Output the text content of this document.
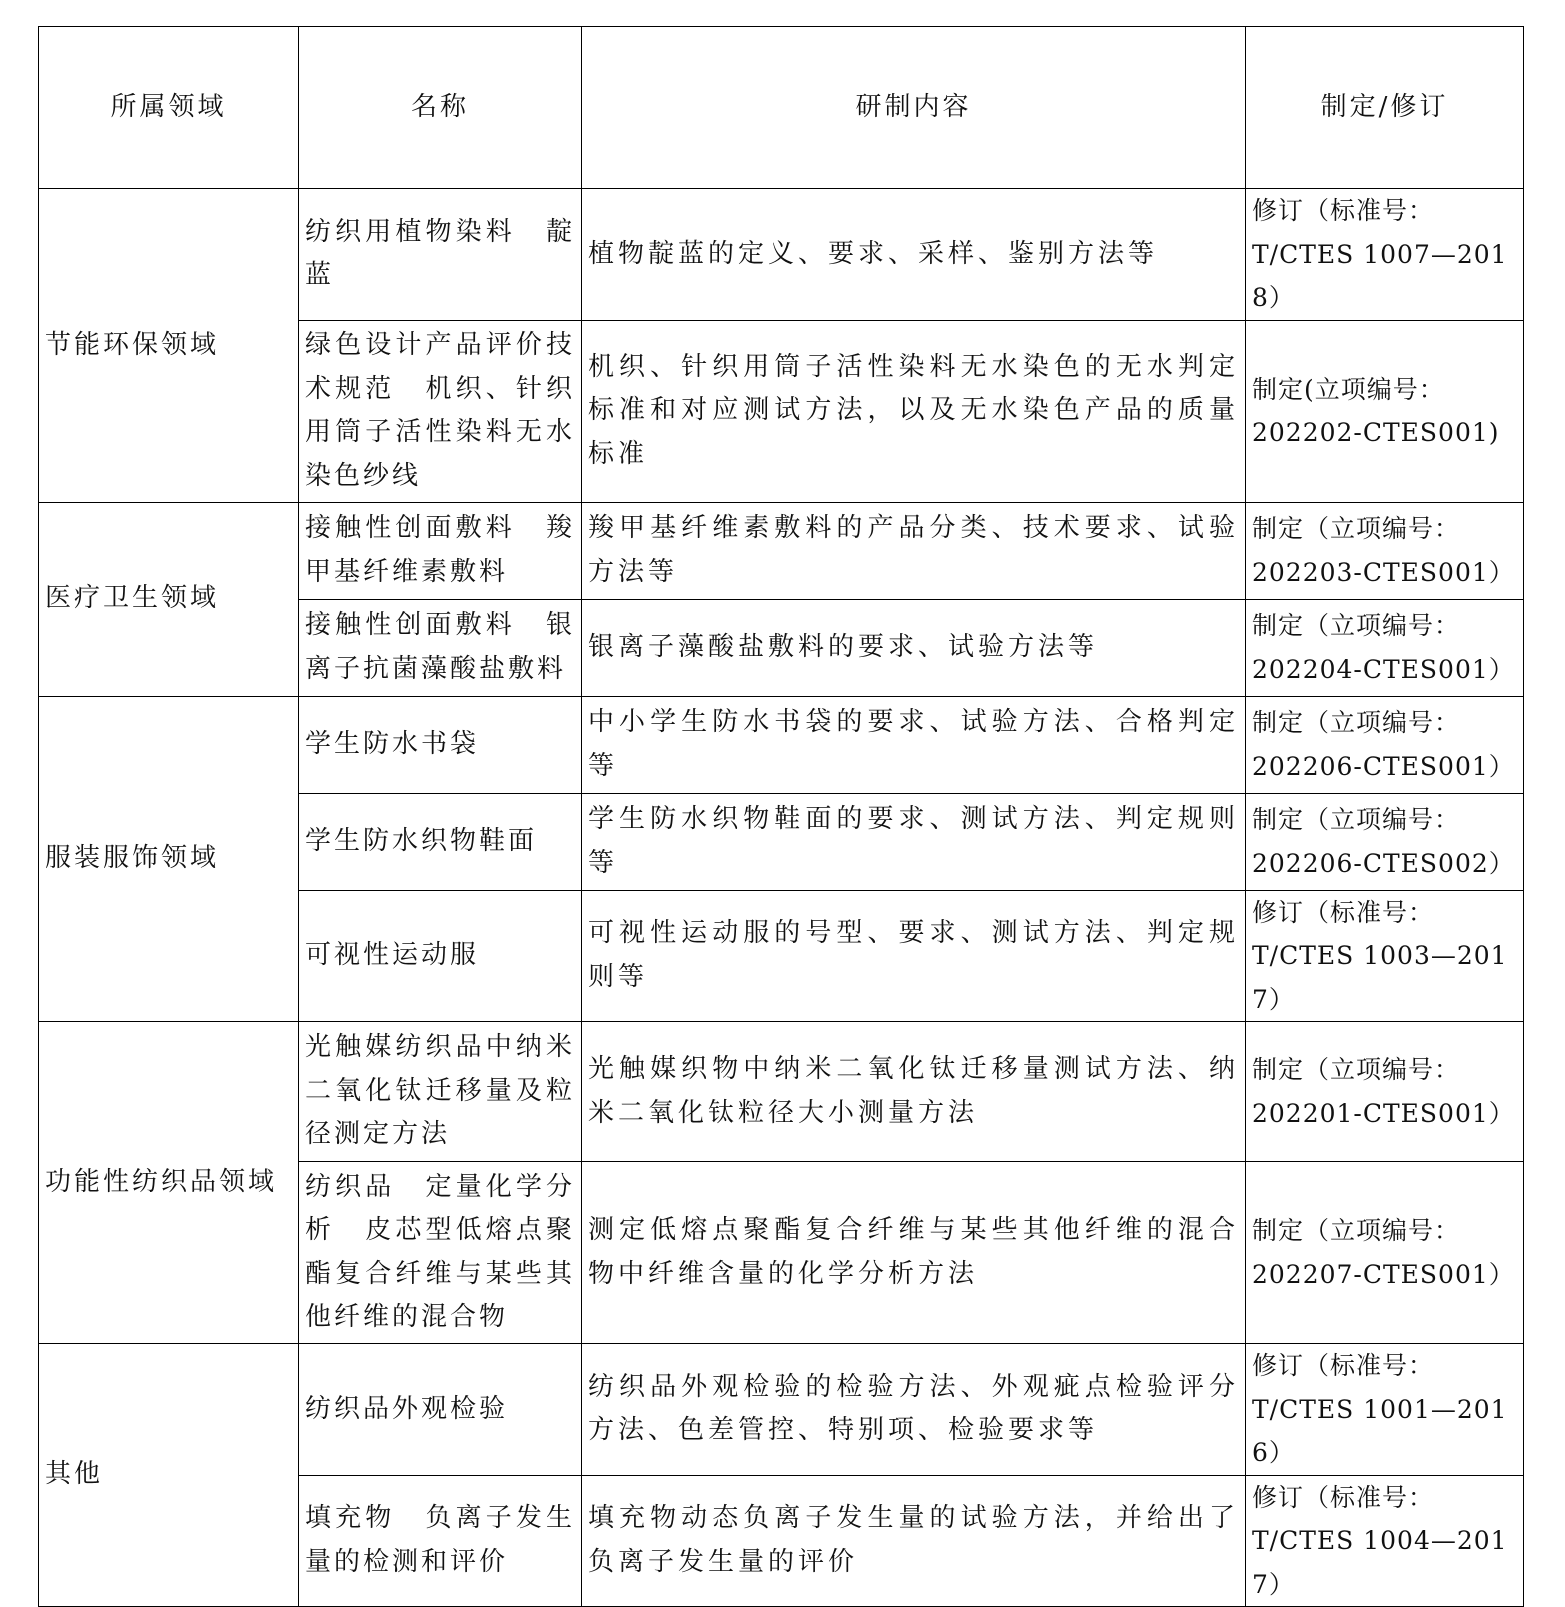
所属领域	名称	研制内容	制定/修订
节能环保领域	纺织用植物染料　靛蓝	植物靛蓝的定义、要求、采样、鉴别方法等	修订（标准号：
T/CTES 1007—2018）

	绿色设计产品评价技术规范　机织、针织用筒子活性染料无水染色纱线	机织、针织用筒子活性染料无水染色的无水判定标准和对应测试方法，以及无水染色产品的质量标准	制定(立项编号：
202202-CTES001)

医疗卫生领域	接触性创面敷料　羧甲基纤维素敷料	羧甲基纤维素敷料的产品分类、技术要求、试验方法等	制定（立项编号：
202203-CTES001）

	接触性创面敷料　银离子抗菌藻酸盐敷料	银离子藻酸盐敷料的要求、试验方法等	制定（立项编号：
202204-CTES001）

服装服饰领域	学生防水书袋	中小学生防水书袋的要求、试验方法、合格判定等	制定（立项编号：
202206-CTES001）

	学生防水织物鞋面	学生防水织物鞋面的要求、测试方法、判定规则等	制定（立项编号：
202206-CTES002）

	可视性运动服	可视性运动服的号型、要求、测试方法、判定规则等	修订（标准号：
T/CTES 1003—2017）

功能性纺织品领域	光触媒纺织品中纳米二氧化钛迁移量及粒径测定方法	光触媒织物中纳米二氧化钛迁移量测试方法、纳米二氧化钛粒径大小测量方法	制定（立项编号：
202201-CTES001）

	纺织品　定量化学分析　皮芯型低熔点聚酯复合纤维与某些其他纤维的混合物	测定低熔点聚酯复合纤维与某些其他纤维的混合物中纤维含量的化学分析方法	制定（立项编号：
202207-CTES001）

其他	纺织品外观检验	纺织品外观检验的检验方法、外观疵点检验评分方法、色差管控、特别项、检验要求等	修订（标准号：
T/CTES 1001—2016）

	填充物　负离子发生量的检测和评价	填充物动态负离子发生量的试验方法，并给出了负离子发生量的评价	修订（标准号：
T/CTES 1004—2017）
